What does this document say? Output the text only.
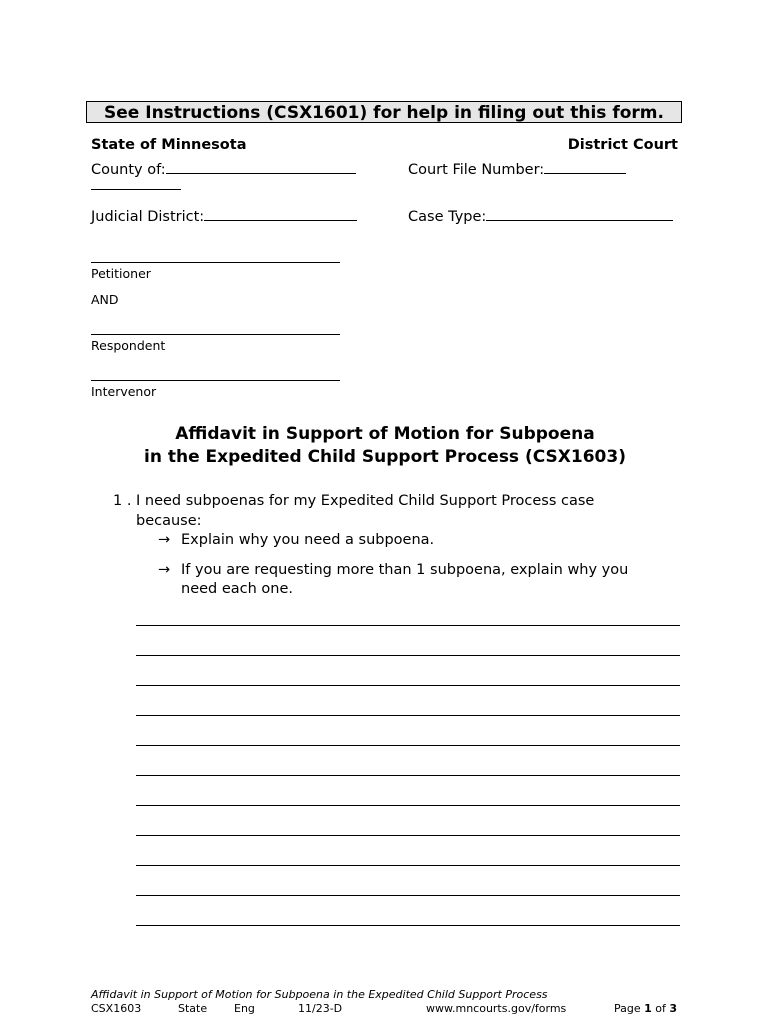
See Instructions (CSX1601) for help in filing out this form.
State of Minnesota	District Court
County of:	Court File Number:
Judicial District:	Case Type:
Petitioner
AND
Respondent
Intervenor
Affidavit in Support of Motion for Subpoena
in the Expedited Child Support Process (CSX1603)
1 . I need subpoenas for my Expedited Child Support Process case
because:
→ Explain why you need a subpoena.
→ If you are requesting more than 1 subpoena, explain why you
need each one.
Affidavit in Support of Motion for Subpoena in the Expedited Child Support Process
CSX1603	State Eng	11/23-D	www.mncourts.gov/forms	Page 1 of 3
